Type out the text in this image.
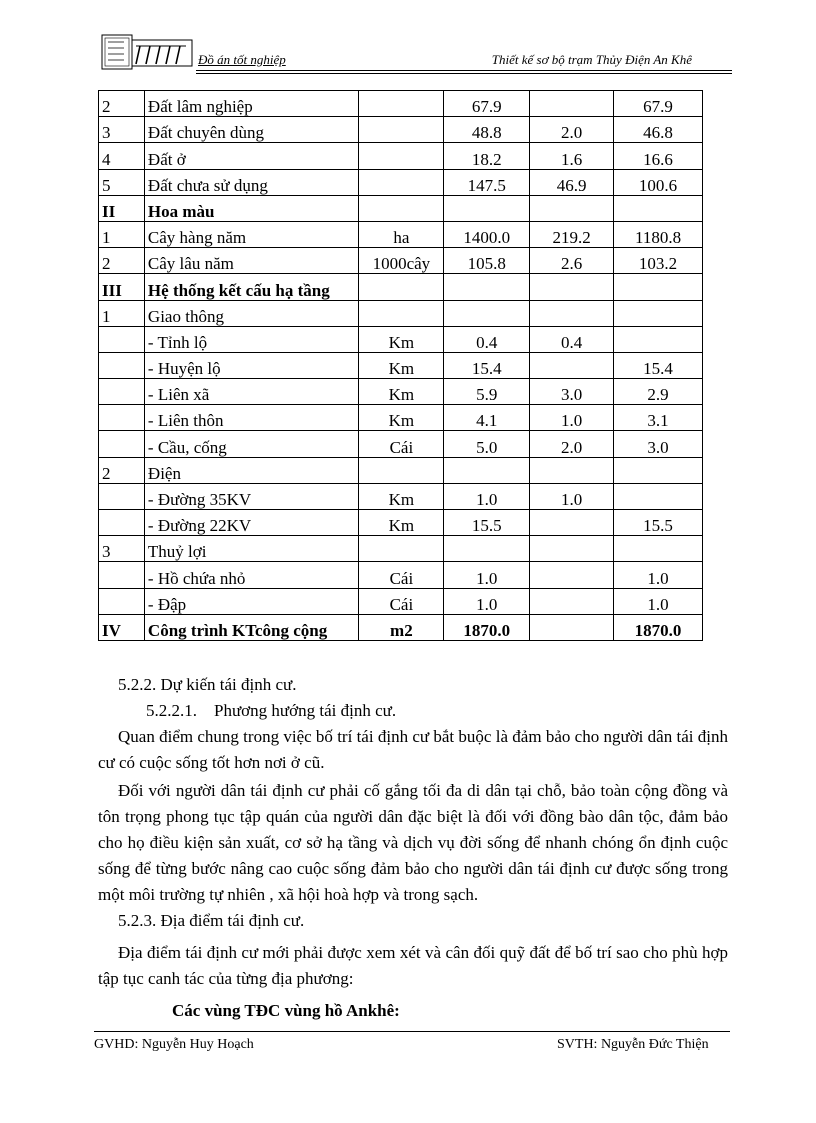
Đồ án tốt nghiệp	Thiết kế sơ bộ trạm Thủy Điện An Khê
2	Đất lâm nghiệp		67.9		67.9
3	Đất chuyên dùng		48.8	2.0	46.8
4	Đất ở		18.2	1.6	16.6
5	Đất chưa sử dụng		147.5	46.9	100.6
II	Hoa màu				
1	Cây hàng năm	ha	1400.0	219.2	1180.8
2	Cây lâu năm	1000cây	105.8	2.6	103.2
III	Hệ thống kết cấu hạ tầng				
1	Giao thông				
	- Tỉnh lộ	Km	0.4	0.4	
	- Huyện lộ	Km	15.4		15.4
	- Liên xã	Km	5.9	3.0	2.9
	- Liên thôn	Km	4.1	1.0	3.1
	- Cầu, cống	Cái	5.0	2.0	3.0
2	Điện				
	- Đường 35KV	Km	1.0	1.0	
	- Đường 22KV	Km	15.5		15.5
3	Thuỷ lợi				
	- Hồ chứa nhỏ	Cái	1.0		1.0
	- Đập	Cái	1.0		1.0
IV	Công trình KTcông cộng	m2	1870.0		1870.0

5.2.2. Dự kiến tái định cư.

5.2.2.1.    Phương hướng tái định cư.

Quan điểm chung trong việc bố trí tái định cư bắt buộc là đảm bảo cho người dân tái định cư có cuộc sống tốt hơn nơi ở cũ.

Đối với người dân tái định cư phải cố gắng tối đa di dân tại chỗ, bảo toàn cộng đồng và tôn trọng phong tục tập quán của người dân đặc biệt là đối với đồng bào dân tộc, đảm bảo cho họ điều kiện sản xuất, cơ sở hạ tầng và dịch vụ đời sống để nhanh chóng ổn định cuộc sống để từng bước nâng cao cuộc sống đảm bảo cho người dân tái định cư được sống trong một môi trường tự nhiên , xã hội hoà hợp và trong sạch.

5.2.3. Địa điểm tái định cư.

Địa điểm tái định cư mới phải được xem xét và cân đối quỹ đất để bố trí sao cho phù hợp tập tục canh tác của từng địa phương:

Các vùng TĐC vùng hồ Ankhê:

GVHD: Nguyễn Huy Hoạch	SVTH: Nguyễn Đức Thiện
